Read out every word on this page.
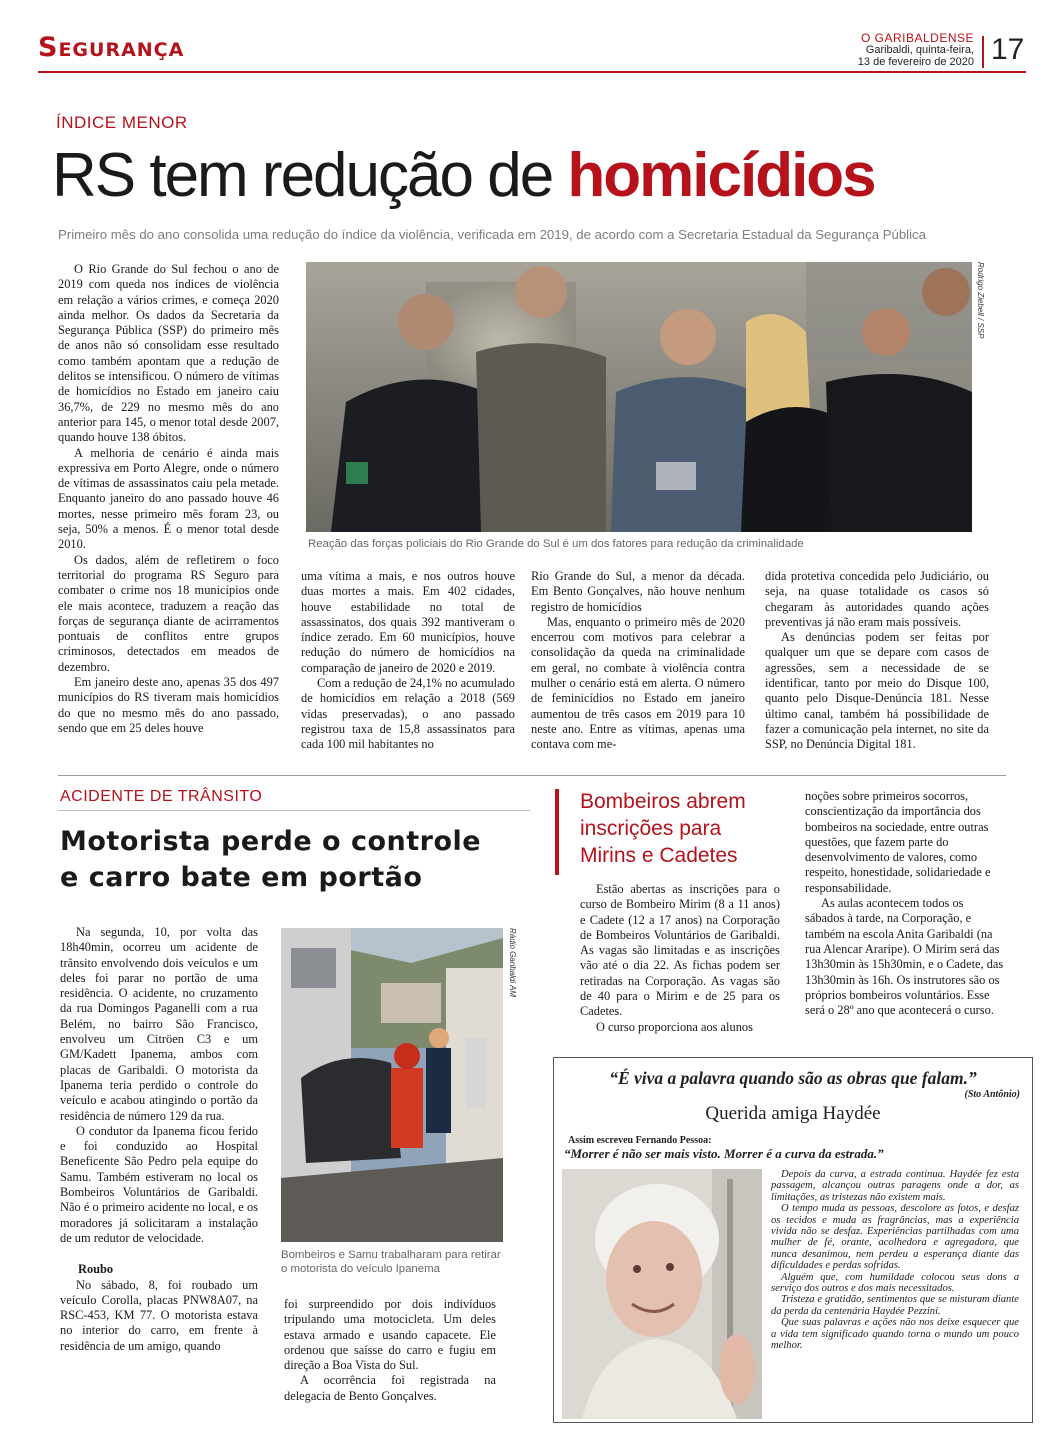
Segurança	O GARIBALDENSE
Garibaldi, quinta-feira,
13 de fevereiro de 2020 17
ÍNDICE MENOR
RS tem redução de homicídios
Primeiro mês do ano consolida uma redução do índice da violência, verificada em 2019, de acordo com a Secretaria Estadual da Segurança Pública

O Rio Grande do Sul fechou o ano de 2019 com queda nos índices de violência em relação a vários crimes, e começa 2020 ainda melhor. Os dados da Secretaria da Segurança Pública (SSP) do primeiro mês de anos não só consolidam esse resultado como também apontam que a redução de delitos se intensificou. O número de vítimas de homicídios no Estado em janeiro caiu 36,7%, de 229 no mesmo mês do ano anterior para 145, o menor total desde 2007, quando houve 138 óbitos.

A melhoria de cenário é ainda mais expressiva em Porto Alegre, onde o número de vítimas de assassinatos caiu pela metade. Enquanto janeiro do ano passado houve 46 mortes, nesse primeiro mês foram 23, ou seja, 50% a menos. É o menor total desde 2010.

Os dados, além de refletirem o foco territorial do programa RS Seguro para combater o crime nos 18 municípios onde ele mais acontece, traduzem a reação das forças de segurança diante de acirramentos pontuais de conflitos entre grupos criminosos, detectados em meados de dezembro.

Em janeiro deste ano, apenas 35 dos 497 municípios do RS tiveram mais homicídios do que no mesmo mês do ano passado, sendo que em 25 deles houve

Rodrigo Ziebell / SSP
Reação das forças policiais do Rio Grande do Sul é um dos fatores para redução da criminalidade

uma vítima a mais, e nos outros houve duas mortes a mais. Em 402 cidades, houve estabilidade no total de assassinatos, dos quais 392 mantiveram o índice zerado. Em 60 municípios, houve redução do número de homicídios na comparação de janeiro de 2020 e 2019.

Com a redução de 24,1% no acumulado de homicídios em relação a 2018 (569 vidas preservadas), o ano passado registrou taxa de 15,8 assassinatos para cada 100 mil habitantes no

Rio Grande do Sul, a menor da década. Em Bento Gonçalves, não houve nenhum registro de homicídios

Mas, enquanto o primeiro mês de 2020 encerrou com motivos para celebrar a consolidação da queda na criminalidade em geral, no combate à violência contra mulher o cenário está em alerta. O número de feminicídios no Estado em janeiro aumentou de três casos em 2019 para 10 neste ano. Entre as vítimas, apenas uma contava com me-

dida protetiva concedida pelo Judiciário, ou seja, na quase totalidade os casos só chegaram às autoridades quando ações preventivas já não eram mais possíveis.

As denúncias podem ser feitas por qualquer um que se depare com casos de agressões, sem a necessidade de se identificar, tanto por meio do Disque 100, quanto pelo Disque-Denúncia 181. Nesse último canal, também há possibilidade de fazer a comunicação pela internet, no site da SSP, no Denúncia Digital 181.

ACIDENTE DE TRÂNSITO
Motorista perde o controle
e carro bate em portão

Na segunda, 10, por volta das 18h40min, ocorreu um acidente de trânsito envolvendo dois veículos e um deles foi parar no portão de uma residência. O acidente, no cruzamento da rua Domingos Paganelli com a rua Belém, no bairro São Francisco, envolveu um Citröen C3 e um GM/Kadett Ipanema, ambos com placas de Garibaldi. O motorista da Ipanema teria perdido o controle do veículo e acabou atingindo o portão da residência de número 129 da rua.

O condutor da Ipanema ficou ferido e foi conduzido ao Hospital Beneficente São Pedro pela equipe do Samu. Também estiveram no local os Bombeiros Voluntários de Garibaldi. Não é o primeiro acidente no local, e os moradores já solicitaram a instalação de um redutor de velocidade.

Roubo

No sábado, 8, foi roubado um veículo Corolla, placas PNW8A07, na RSC-453, KM 77. O motorista estava no interior do carro, em frente à residência de um amigo, quando

Rádio Garibaldi AM
Bombeiros e Samu trabalharam para retirar o motorista do veículo Ipanema

foi surpreendido por dois indivíduos tripulando uma motocicleta. Um deles estava armado e usando capacete. Ele ordenou que saísse do carro e fugiu em direção a Boa Vista do Sul.

A ocorrência foi registrada na delegacia de Bento Gonçalves.

Bombeiros abrem
inscrições para
Mirins e Cadetes

Estão abertas as inscrições para o curso de Bombeiro Mirim (8 a 11 anos) e Cadete (12 a 17 anos) na Corporação de Bombeiros Voluntários de Garibaldi. As vagas são limitadas e as inscrições vão até o dia 22. As fichas podem ser retiradas na Corporação. As vagas são de 40 para o Mirim e de 25 para os Cadetes.

O curso proporciona aos alunos

noções sobre primeiros socorros, conscientização da importância dos bombeiros na sociedade, entre outras questões, que fazem parte do desenvolvimento de valores, como respeito, honestidade, solidariedade e responsabilidade.

As aulas acontecem todos os sábados à tarde, na Corporação, e também na escola Anita Garibaldi (na rua Alencar Araripe). O Mirim será das 13h30min às 15h30min, e o Cadete, das 13h30min às 16h. Os instrutores são os próprios bombeiros voluntários. Esse será o 28º ano que acontecerá o curso.

“É viva a palavra quando são as obras que falam.”
(Sto Antônio)
Querida amiga Haydée
Assim escreveu Fernando Pessoa:
“Morrer é não ser mais visto. Morrer é a curva da estrada.”

Depois da curva, a estrada continua. Haydée fez esta passagem, alcançou outras paragens onde a dor, as limitações, as tristezas não existem mais.

O tempo muda as pessoas, descolore as fotos, e desfaz os tecidos e muda as fragrâncias, mas a experiência vivida não se desfaz. Experiências partilhadas com uma mulher de fé, orante, acolhedora e agregadora, que nunca desanimou, nem perdeu a esperança diante das dificuldades e perdas sofridas.

Alguém que, com humildade colocou seus dons a serviço dos outros e dos mais necessitados.

Tristeza e gratidão, sentimentos que se misturam diante da perda da centenária Haydée Pezzini.

Que suas palavras e ações não nos deixe esquecer que a vida tem significado quando torna o mundo um pouco melhor.
